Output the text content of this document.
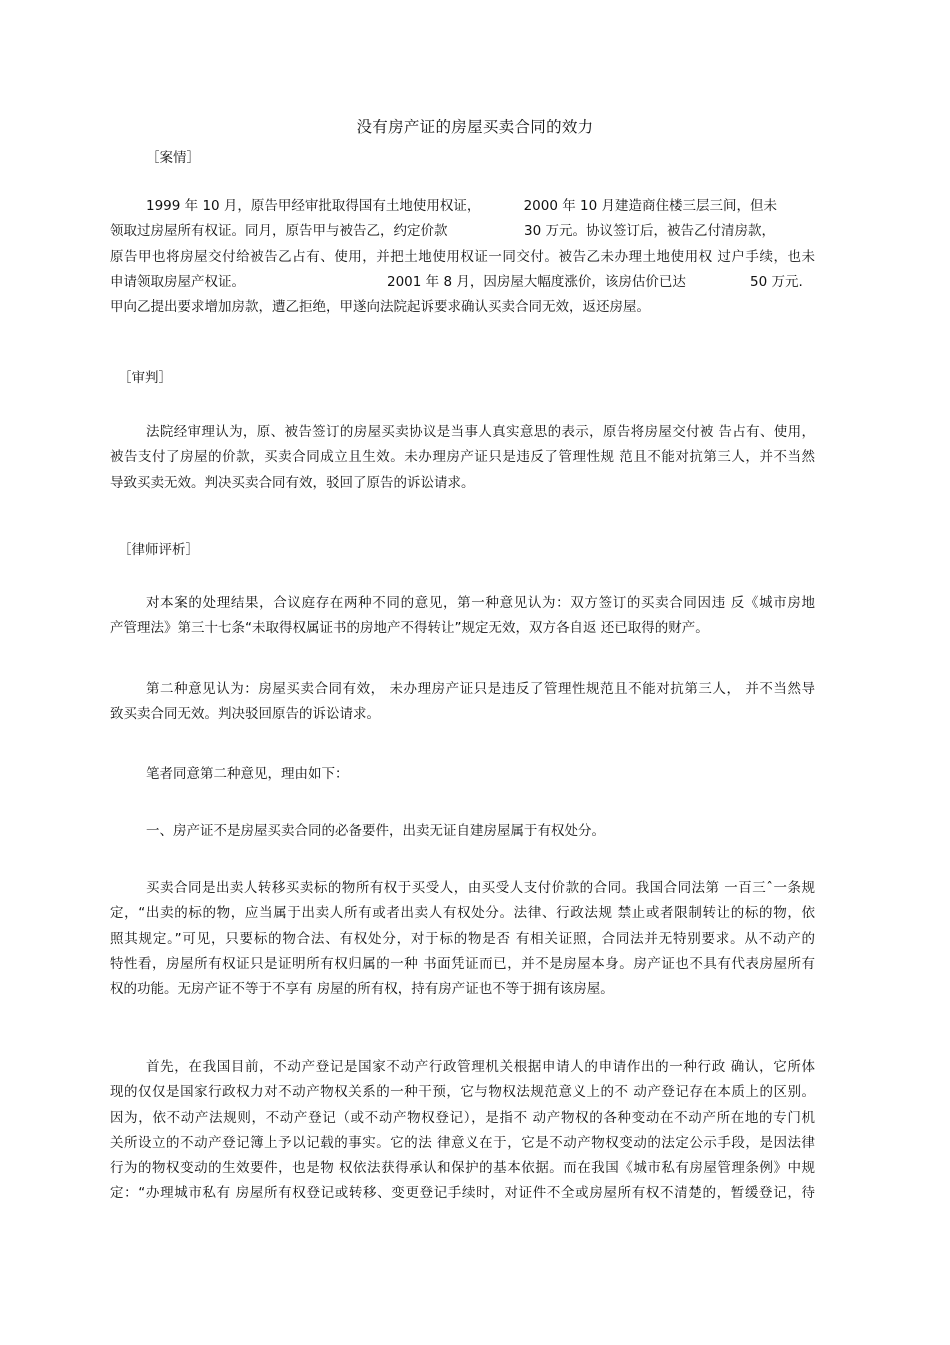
没有房产证的房屋买卖合同的效力
［案情］
1999 年 10 月，原告甲经审批取得国有土地使用权证，	2000 年 10 月建造商住楼三层三间，但未
领取过房屋所有权证。同月，原告甲与被告乙，约定价款	30 万元。协议签订后，被告乙付清房款，
原告甲也将房屋交付给被告乙占有、使用，并把土地使用权证一同交付。被告乙未办理土地使用权 过户手续，也未
申请领取房屋产权证。	2001 年 8 月，因房屋大幅度涨价，该房估价已达	50 万元.
甲向乙提出要求增加房款，遭乙拒绝，甲遂向法院起诉要求确认买卖合同无效，返还房屋。
［审判］
法院经审理认为，原、被告签订的房屋买卖协议是当事人真实意思的表示，原告将房屋交付被 告占有、使用，
被告支付了房屋的价款，买卖合同成立且生效。未办理房产证只是违反了管理性规 范且不能对抗第三人，并不当然
导致买卖无效。判决买卖合同有效，驳回了原告的诉讼请求。
［律师评析］
对本案的处理结果，合议庭存在两种不同的意见，第一种意见认为：双方签订的买卖合同因违 反《城市房地
产管理法》第三十七条“未取得权属证书的房地产不得转让”规定无效，双方各自返 还已取得的财产。
第二种意见认为：房屋买卖合同有效， 未办理房产证只是违反了管理性规范且不能对抗第三人， 并不当然导
致买卖合同无效。判决驳回原告的诉讼请求。
笔者同意第二种意见，理由如下：
一、房产证不是房屋买卖合同的必备要件，出卖无证自建房屋属于有权处分。
买卖合同是出卖人转移买卖标的物所有权于买受人，由买受人支付价款的合同。我国合同法第 一百三ˆ一条规
定，“出卖的标的物，应当属于出卖人所有或者出卖人有权处分。法律、行政法规 禁止或者限制转让的标的物，依
照其规定。”可见，只要标的物合法、有权处分，对于标的物是否 有相关证照，合同法并无特别要求。从不动产的
特性看，房屋所有权证只是证明所有权归属的一种 书面凭证而已，并不是房屋本身。房产证也不具有代表房屋所有
权的功能。无房产证不等于不享有 房屋的所有权，持有房产证也不等于拥有该房屋。
首先，在我国目前，不动产登记是国家不动产行政管理机关根据申请人的申请作出的一种行政 确认，它所体
现的仅仅是国家行政权力对不动产物权关系的一种干预，它与物权法规范意义上的不 动产登记存在本质上的区别。
因为，依不动产法规则，不动产登记（或不动产物权登记），是指不 动产物权的各种变动在不动产所在地的专门机
关所设立的不动产登记簿上予以记载的事实。它的法 律意义在于，它是不动产物权变动的法定公示手段，是因法律
行为的物权变动的生效要件，也是物 权依法获得承认和保护的基本依据。而在我国《城市私有房屋管理条例》中规
定：“办理城市私有 房屋所有权登记或转移、变更登记手续时，对证件不全或房屋所有权不清楚的，暂缓登记，待
